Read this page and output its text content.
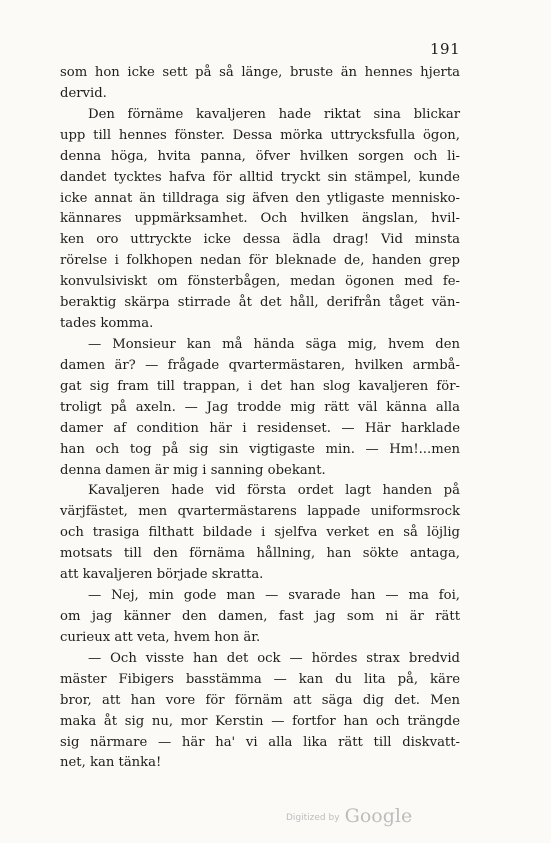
191
som hon icke sett på så länge, bruste än hennes hjerta
dervid.
Den förnäme kavaljeren hade riktat sina blickar
upp till hennes fönster. Dessa mörka uttrycksfulla ögon,
denna höga, hvita panna, öfver hvilken sorgen och li-
dandet tycktes hafva för alltid tryckt sin stämpel, kunde
icke annat än tilldraga sig äfven den ytligaste mennisko-
kännares uppmärksamhet. Och hvilken ängslan, hvil-
ken oro uttryckte icke dessa ädla drag! Vid minsta
rörelse i folkhopen nedan för bleknade de, handen grep
konvulsiviskt om fönsterbågen, medan ögonen med fe-
beraktig skärpa stirrade åt det håll, derifrån tåget vän-
tades komma.
— Monsieur kan må hända säga mig, hvem den
damen är? — frågade qvartermästaren, hvilken armbå-
gat sig fram till trappan, i det han slog kavaljeren för-
troligt på axeln. — Jag trodde mig rätt väl känna alla
damer af condition här i residenset. — Här harklade
han och tog på sig sin vigtigaste min. — Hm!...men
denna damen är mig i sanning obekant.
Kavaljeren hade vid första ordet lagt handen på
värjfästet, men qvartermästarens lappade uniformsrock
och trasiga filthatt bildade i sjelfva verket en så löjlig
motsats till den förnäma hållning, han sökte antaga,
att kavaljeren började skratta.
— Nej, min gode man — svarade han — ma foi,
om jag känner den damen, fast jag som ni är rätt
curieux att veta, hvem hon är.
— Och visste han det ock — hördes strax bredvid
mäster Fibigers basstämma — kan du lita på, käre
bror, att han vore för förnäm att säga dig det. Men
maka åt sig nu, mor Kerstin — fortfor han och trängde
sig närmare — här ha' vi alla lika rätt till diskvatt-
net, kan tänka!
Digitized by Google
